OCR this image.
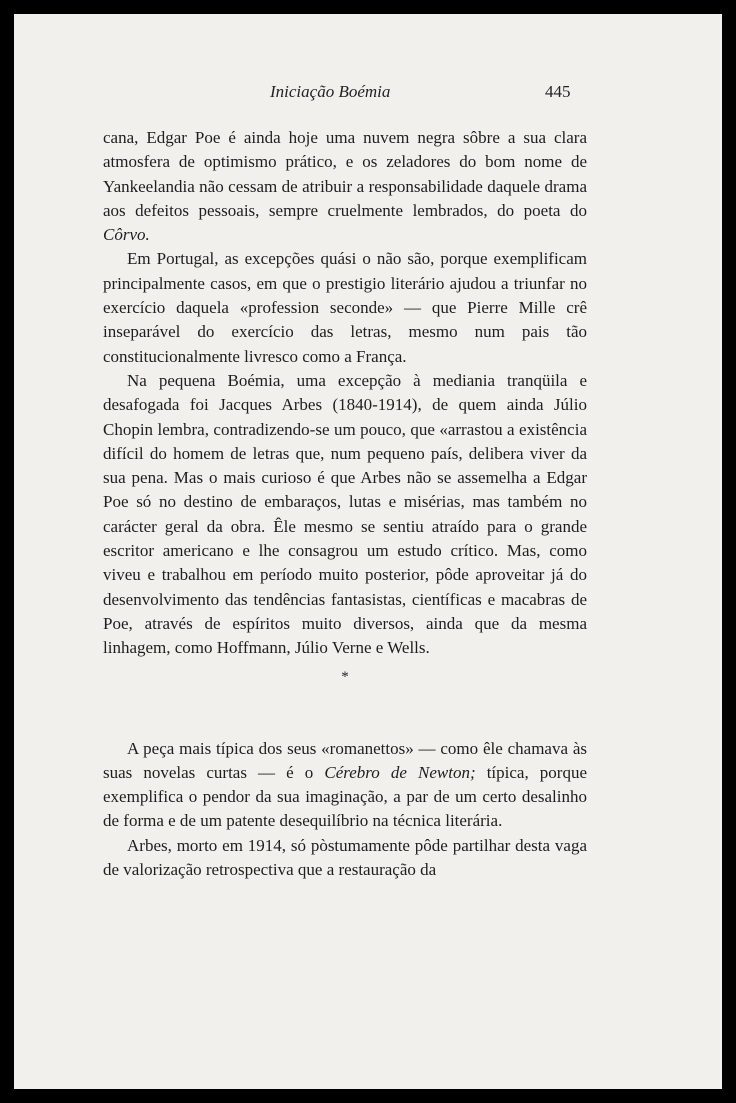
Iniciação Boémia	445

cana, Edgar Poe é ainda hoje uma nuvem negra sôbre a sua clara atmosfera de optimismo prático, e os zeladores do bom nome de Yankeelandia não cessam de atribuir a responsabilidade daquele drama aos defeitos pessoais, sempre cruelmente lembrados, do poeta do Côrvo.

Em Portugal, as excepções quási o não são, porque exemplificam principalmente casos, em que o prestigio literário ajudou a triunfar no exercício daquela «profession seconde» — que Pierre Mille crê inseparável do exercício das letras, mesmo num pais tão constitucionalmente livresco como a França.

Na pequena Boémia, uma excepção à mediania tranqüila e desafogada foi Jacques Arbes (1840-1914), de quem ainda Júlio Chopin lembra, contradizendo-se um pouco, que «arrastou a existência difícil do homem de letras que, num pequeno país, delibera viver da sua pena. Mas o mais curioso é que Arbes não se assemelha a Edgar Poe só no destino de embaraços, lutas e misérias, mas também no carácter geral da obra. Êle mesmo se sentiu atraído para o grande escritor americano e lhe consagrou um estudo crítico. Mas, como viveu e trabalhou em período muito posterior, pôde aproveitar já do desenvolvimento das tendências fantasistas, científicas e macabras de Poe, através de espíritos muito diversos, ainda que da mesma linhagem, como Hoffmann, Júlio Verne e Wells.

*

A peça mais típica dos seus «romanettos» — como êle chamava às suas novelas curtas — é o Cérebro de Newton; típica, porque exemplifica o pendor da sua imaginação, a par de um certo desalinho de forma e de um patente desequilíbrio na técnica literária.

Arbes, morto em 1914, só pòstumamente pôde partilhar desta vaga de valorização retrospectiva que a restauração da
